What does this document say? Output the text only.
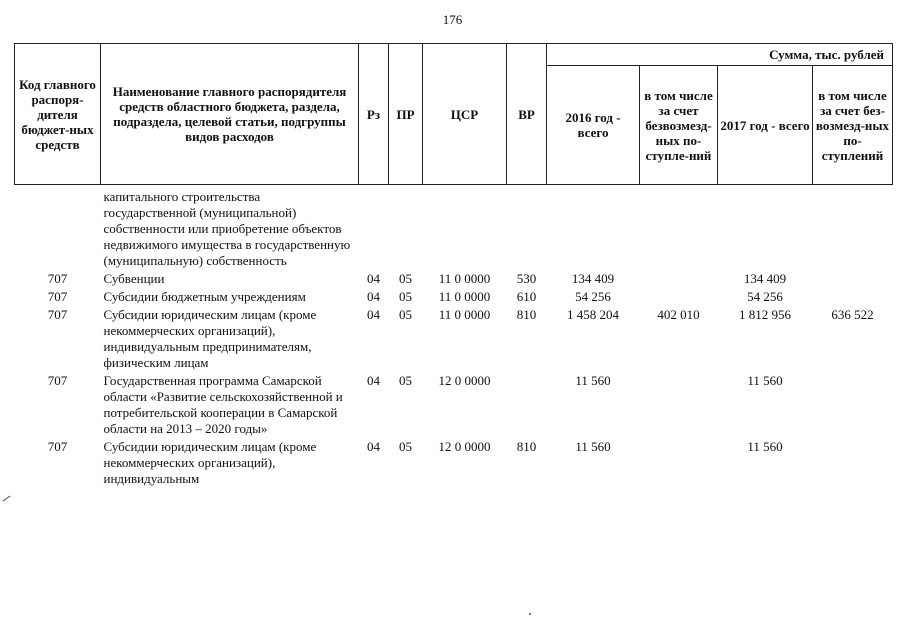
176
Код главного распоря-дителя бюджет-ных средств	Наименование главного распорядителя средств областного бюджета, раздела, подраздела, целевой статьи, подгруппы видов расходов	Рз	ПР	ЦСР	ВР	Сумма, тыс. рублей			
						2016 год - всего	в том числе за счет безвозмезд-ных по-ступле-ний	2017 год - всего	в том числе за счет без-возмезд-ных по-ступлений

	капитального строительства государственной (муниципальной) собственности или приобретение объектов недвижимого имущества в государственную (муниципальную) собственность								
707	Субвенции	04	05	11 0 0000	530	134 409		134 409	
707	Субсидии бюджетным учреждениям	04	05	11 0 0000	610	54 256		54 256	
707	Субсидии юридическим лицам (кроме некоммерческих организаций), индивидуальным предпринимателям, физическим лицам	04	05	11 0 0000	810	1 458 204	402 010	1 812 956	636 522
707	Государственная программа Самарской области «Развитие сельскохозяйственной и потребительской кооперации в Самарской области на 2013 – 2020 годы»	04	05	12 0 0000		11 560		11 560	
707	Субсидии юридическим лицам (кроме некоммерческих организаций), индивидуальным	04	05	12 0 0000	810	11 560		11 560	
